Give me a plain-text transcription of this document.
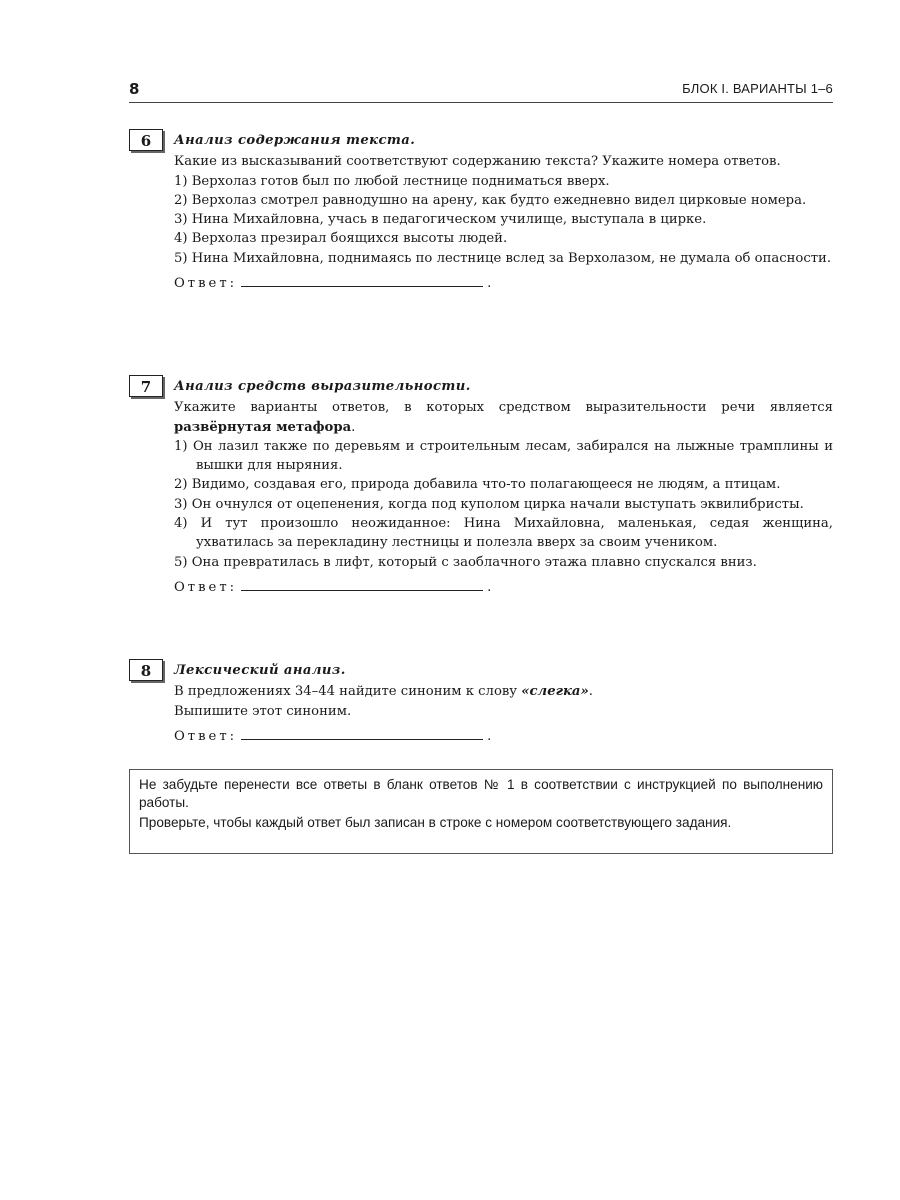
8	БЛОК I. ВАРИАНТЫ 1–6
6	Анализ содержания текста.

Какие из высказываний соответствуют содержанию текста? Укажите номера ответов.

1) Верхолаз готов был по любой лестнице подниматься вверх.
2) Верхолаз смотрел равнодушно на арену, как будто ежедневно видел цирковые номера.
3) Нина Михайловна, учась в педагогическом училище, выступала в цирке.
4) Верхолаз презирал боящихся высоты людей.
5) Нина Михайловна, поднимаясь по лестнице вслед за Верхолазом, не думала об опасности.
Ответ:	.
7	Анализ средств выразительности.

Укажите варианты ответов, в которых средством выразительности речи является развёрнутая метафора.

1) Он лазил также по деревьям и строительным лесам, забирался на лыжные трамплины и вышки для ныряния.
2) Видимо, создавая его, природа добавила что-то полагающееся не людям, а птицам.
3) Он очнулся от оцепенения, когда под куполом цирка начали выступать эквилибристы.
4) И тут произошло неожиданное: Нина Михайловна, маленькая, седая женщина, ухватилась за перекладину лестницы и полезла вверх за своим учеником.
5) Она превратилась в лифт, который с заоблачного этажа плавно спускался вниз.
Ответ:	.
8	Лексический анализ.

В предложениях 34–44 найдите синоним к слову «слегка».

Выпишите этот синоним.

Ответ:	.

Не забудьте перенести все ответы в бланк ответов № 1 в соответствии с инструкцией по выполнению работы.

Проверьте, чтобы каждый ответ был записан в строке с номером соответствующего задания.
